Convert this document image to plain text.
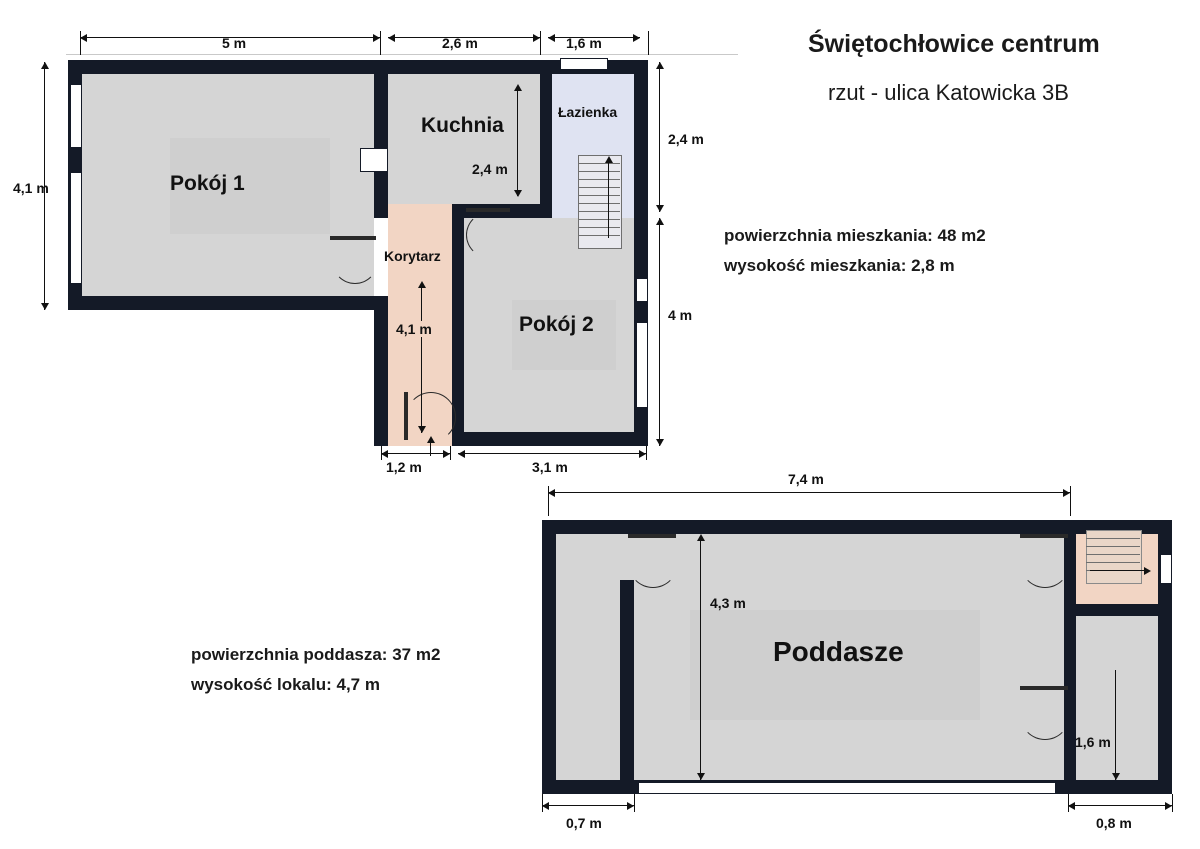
Świętochłowice centrum
rzut - ulica Katowicka 3B
powierzchnia mieszkania: 48 m2
wysokość mieszkania: 2,8 m
powierzchnia poddasza: 37 m2
wysokość lokalu: 4,7 m
5 m	2,6 m	1,6 m
4,1 m
2,4 m
4 m
1,2 m	3,1 m
Pokój 1
Kuchnia
Łazienka
Korytarz
Pokój 2
2,4 m
4,1 m
7,4 m
Poddasze
4,3 m
1,6 m
0,7 m	0,8 m
